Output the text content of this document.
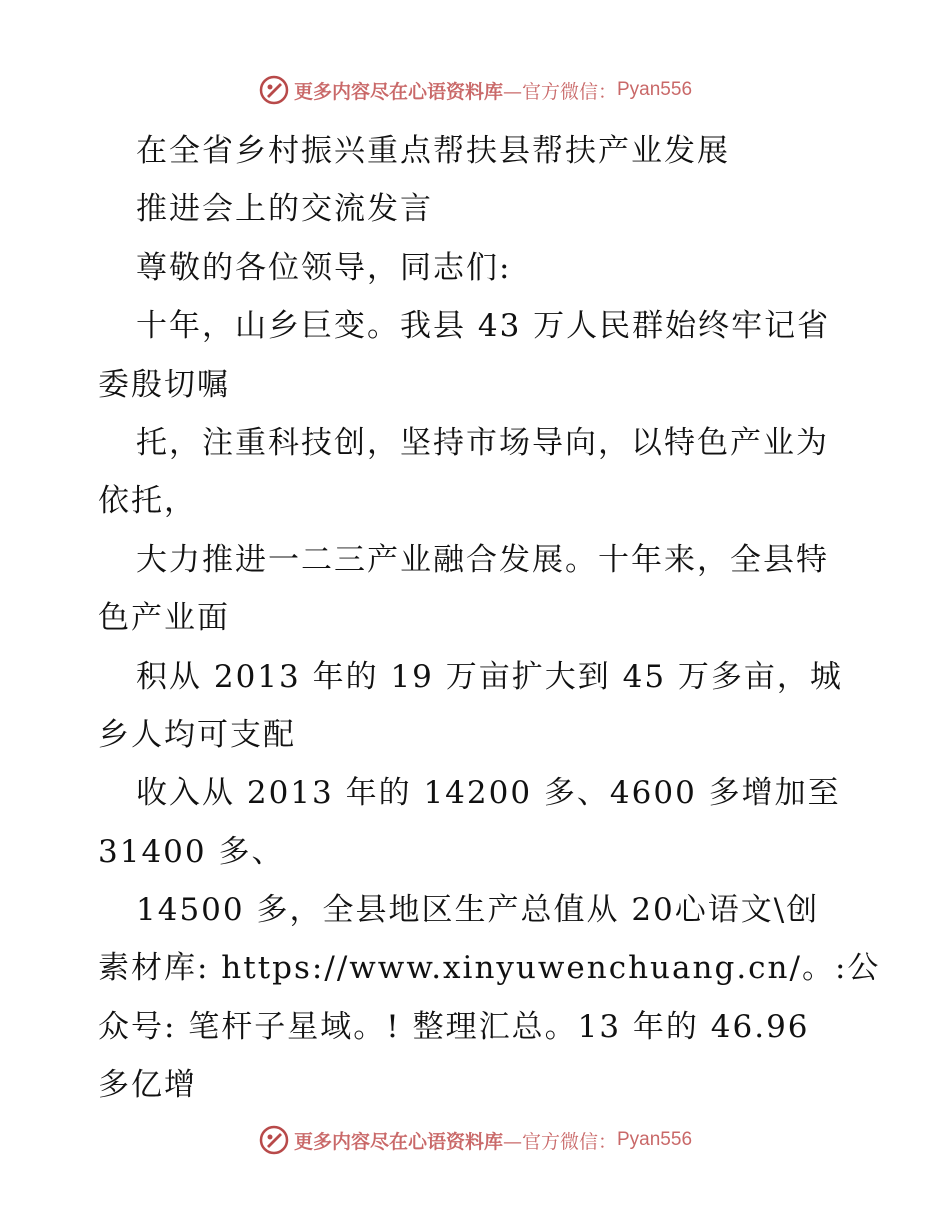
更多内容尽在心语资料库 —官方微信： Pyan556
在全省乡村振兴重点帮扶县帮扶产业发展
推进会上的交流发言
尊敬的各位领导，同志们:
十年，山乡巨变。我县 43 万人民群始终牢记省
委殷切嘱
托，注重科技创，坚持市场导向，以特色产业为
依托，
大力推进一二三产业融合发展。十年来，全县特
色产业面
积从 2013 年的 19 万亩扩大到 45 万多亩，城
乡人均可支配
收入从 2013 年的 14200 多、4600 多增加至
31400 多、
14500 多，全县地区生产总值从 20心语文\创
素材库: https://www.xinyuwenchuang.cn/。:公
众号: 笔杆子星域。! 整理汇总。13 年的 46.96
多亿增
更多内容尽在心语资料库 —官方微信： Pyan556
